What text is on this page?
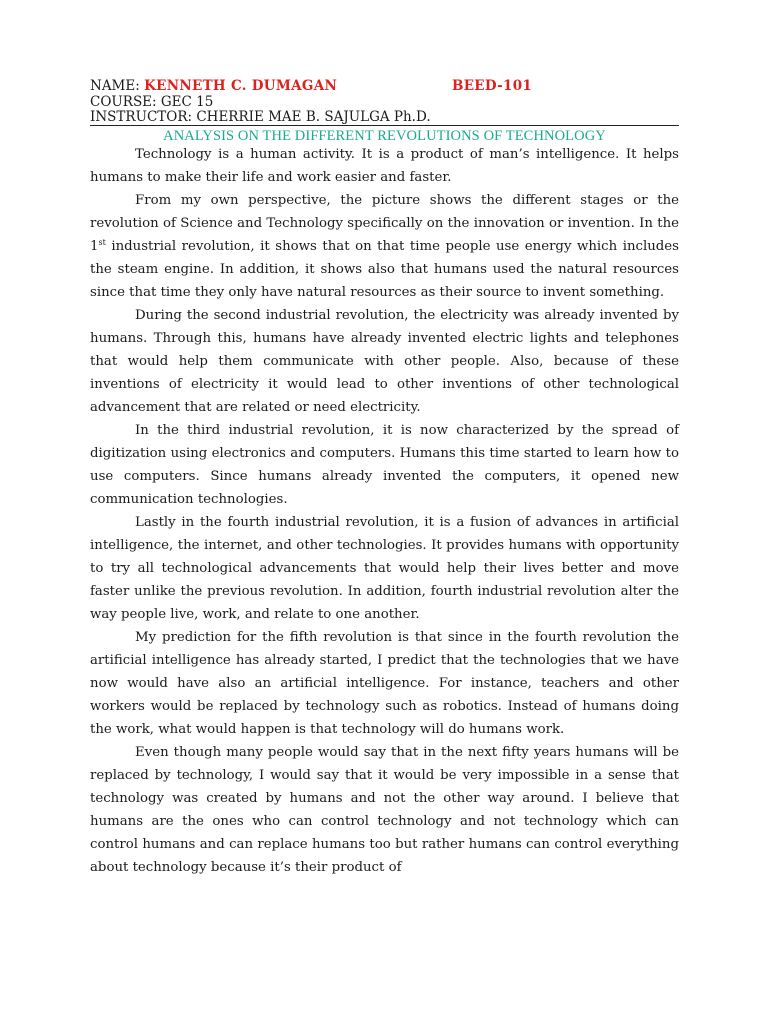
NAME: KENNETH C. DUMAGAN	BEED-101
COURSE: GEC 15
INSTRUCTOR: CHERRIE MAE B. SAJULGA Ph.D.
ANALYSIS ON THE DIFFERENT REVOLUTIONS OF TECHNOLOGY

Technology is a human activity. It is a product of man’s intelligence. It helps humans to make their life and work easier and faster.

From my own perspective, the picture shows the different stages or the revolution of Science and Technology specifically on the innovation or invention. In the 1st industrial revolution, it shows that on that time people use energy which includes the steam engine. In addition, it shows also that humans used the natural resources since that time they only have natural resources as their source to invent something.

During the second industrial revolution, the electricity was already invented by humans. Through this, humans have already invented electric lights and telephones that would help them communicate with other people. Also, because of these inventions of electricity it would lead to other inventions of other technological advancement that are related or need electricity.

In the third industrial revolution, it is now characterized by the spread of digitization using electronics and computers. Humans this time started to learn how to use computers. Since humans already invented the computers, it opened new communication technologies.

Lastly in the fourth industrial revolution, it is a fusion of advances in artificial intelligence, the internet, and other technologies. It provides humans with opportunity to try all technological advancements that would help their lives better and move faster unlike the previous revolution. In addition, fourth industrial revolution alter the way people live, work, and relate to one another.

My prediction for the fifth revolution is that since in the fourth revolution the artificial intelligence has already started, I predict that the technologies that we have now would have also an artificial intelligence. For instance, teachers and other workers would be replaced by technology such as robotics. Instead of humans doing the work, what would happen is that technology will do humans work.

Even though many people would say that in the next fifty years humans will be replaced by technology, I would say that it would be very impossible in a sense that technology was created by humans and not the other way around. I believe that humans are the ones who can control technology and not technology which can control humans and can replace humans too but rather humans can control everything about technology because it’s their product of
